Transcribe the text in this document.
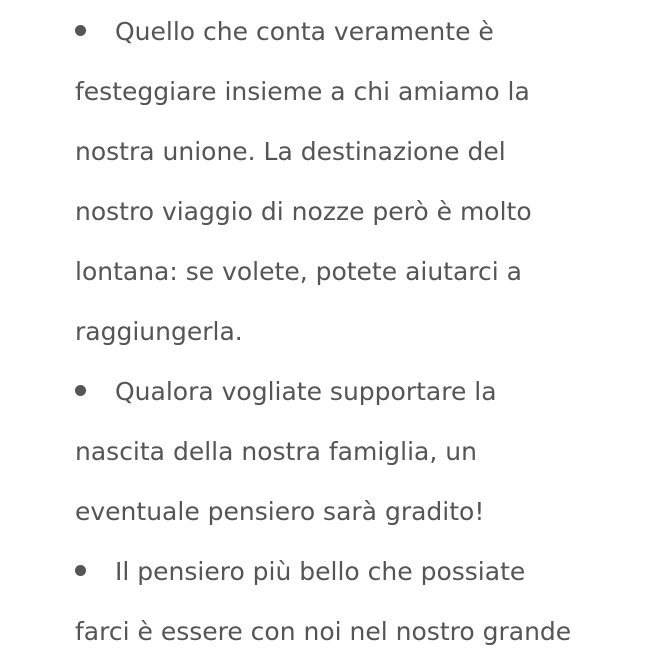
Quello che conta veramente è
festeggiare insieme a chi amiamo la
nostra unione. La destinazione del
nostro viaggio di nozze però è molto
lontana: se volete, potete aiutarci a
raggiungerla.
Qualora vogliate supportare la
nascita della nostra famiglia, un
eventuale pensiero sarà gradito!
Il pensiero più bello che possiate
farci è essere con noi nel nostro grande
